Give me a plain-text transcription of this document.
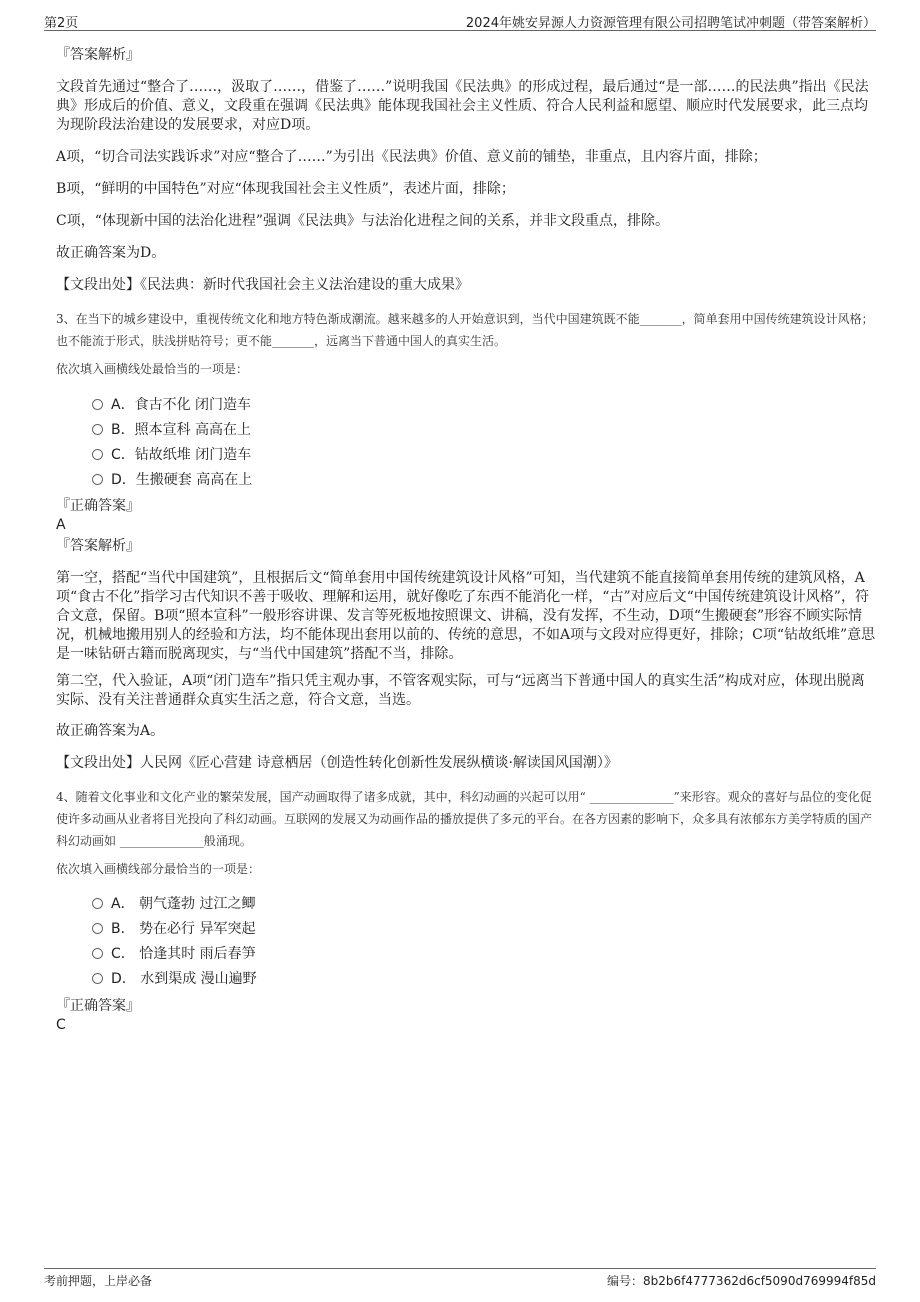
第2页	2024年姚安昇源人力资源管理有限公司招聘笔试冲刺题（带答案解析）

『答案解析』

文段首先通过“整合了……，汲取了……，借鉴了……”说明我国《民法典》的形成过程，最后通过“是一部……的民法典”指出《民法典》形成后的价值、意义，文段重在强调《民法典》能体现我国社会主义性质、符合人民利益和愿望、顺应时代发展要求，此三点均为现阶段法治建设的发展要求，对应D项。

A项，“切合司法实践诉求”对应“整合了……”为引出《民法典》价值、意义前的铺垫，非重点，且内容片面，排除；

B项，“鲜明的中国特色”对应“体现我国社会主义性质”，表述片面，排除；

C项，“体现新中国的法治化进程”强调《民法典》与法治化进程之间的关系，并非文段重点，排除。

故正确答案为D。

【文段出处】《民法典：新时代我国社会主义法治建设的重大成果》

3、在当下的城乡建设中，重视传统文化和地方特色渐成潮流。越来越多的人开始意识到，当代中国建筑既不能_______，简单套用中国传统建筑设计风格；也不能流于形式，肤浅拼贴符号；更不能_______，远离当下普通中国人的真实生活。

依次填入画横线处最恰当的一项是：

A．食古不化 闭门造车
B．照本宣科 高高在上
C．钻故纸堆 闭门造车
D．生搬硬套 高高在上

『正确答案』

A

『答案解析』

第一空，搭配“当代中国建筑”，且根据后文“简单套用中国传统建筑设计风格”可知，当代建筑不能直接简单套用传统的建筑风格，A项“食古不化”指学习古代知识不善于吸收、理解和运用，就好像吃了东西不能消化一样，“古”对应后文“中国传统建筑设计风格”，符合文意，保留。B项“照本宣科”一般形容讲课、发言等死板地按照课文、讲稿，没有发挥，不生动，D项“生搬硬套”形容不顾实际情况，机械地搬用别人的经验和方法，均不能体现出套用以前的、传统的意思，不如A项与文段对应得更好，排除；C项“钻故纸堆”意思是一味钻研古籍而脱离现实，与“当代中国建筑”搭配不当，排除。

第二空，代入验证，A项“闭门造车”指只凭主观办事，不管客观实际，可与“远离当下普通中国人的真实生活”构成对应，体现出脱离实际、没有关注普通群众真实生活之意，符合文意，当选。

故正确答案为A。

【文段出处】人民网《匠心营建 诗意栖居（创造性转化创新性发展纵横谈·解读国风国潮）》

4、随着文化事业和文化产业的繁荣发展，国产动画取得了诸多成就，其中，科幻动画的兴起可以用“ ______________”来形容。观众的喜好与品位的变化促使许多动画从业者将目光投向了科幻动画。互联网的发展又为动画作品的播放提供了多元的平台。在各方因素的影响下，众多具有浓郁东方美学特质的国产科幻动画如 ______________般涌现。

依次填入画横线部分最恰当的一项是：

A． 朝气蓬勃 过江之鲫
B． 势在必行 异军突起
C． 恰逢其时 雨后春笋
D． 水到渠成 漫山遍野

『正确答案』

C

考前押题，上岸必备	编号：8b2b6f4777362d6cf5090d769994f85d
